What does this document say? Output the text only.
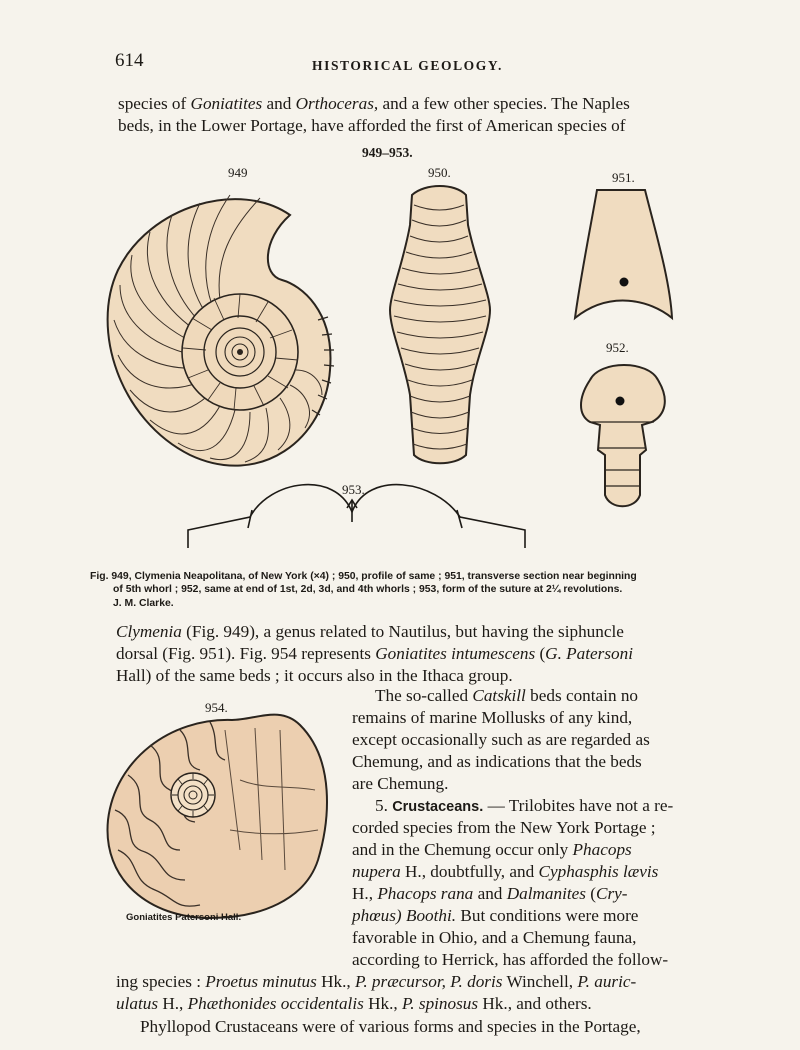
614	HISTORICAL GEOLOGY.
species of Goniatites and Orthoceras, and a few other species. The Naples
beds, in the Lower Portage, have afforded the first of American species of
949–953.
949	950.	951.
952.
953.
Fig. 949, Clymenia Neapolitana, of New York (×4) ; 950, profile of same ; 951, transverse section near beginning
of 5th whorl ; 952, same at end of 1st, 2d, 3d, and 4th whorls ; 953, form of the suture at 2¼ revolutions.
J. M. Clarke.
Clymenia (Fig. 949), a genus related to Nautilus, but having the siphuncle
dorsal (Fig. 951). Fig. 954 represents Goniatites intumescens (G. Patersoni
Hall) of the same beds ; it occurs also in the Ithaca group.
The so-called Catskill beds contain no
remains of marine Mollusks of any kind,
except occasionally such as are regarded as
Chemung, and as indications that the beds
are Chemung.
5. Crustaceans. — Trilobites have not a re-
corded species from the New York Portage ;
and in the Chemung occur only Phacops
nupera H., doubtfully, and Cyphasphis lævis
H., Phacops rana and Dalmanites (Cry-
phœus) Boothi. But conditions were more
favorable in Ohio, and a Chemung fauna,
according to Herrick, has afforded the follow-
ing species : Proetus minutus Hk., P. præcursor, P. doris Winchell, P. auric-
ulatus H., Phæthonides occidentalis Hk., P. spinosus Hk., and others.
Phyllopod Crustaceans were of various forms and species in the Portage,
954.
Goniatites Patersoni Hall.
